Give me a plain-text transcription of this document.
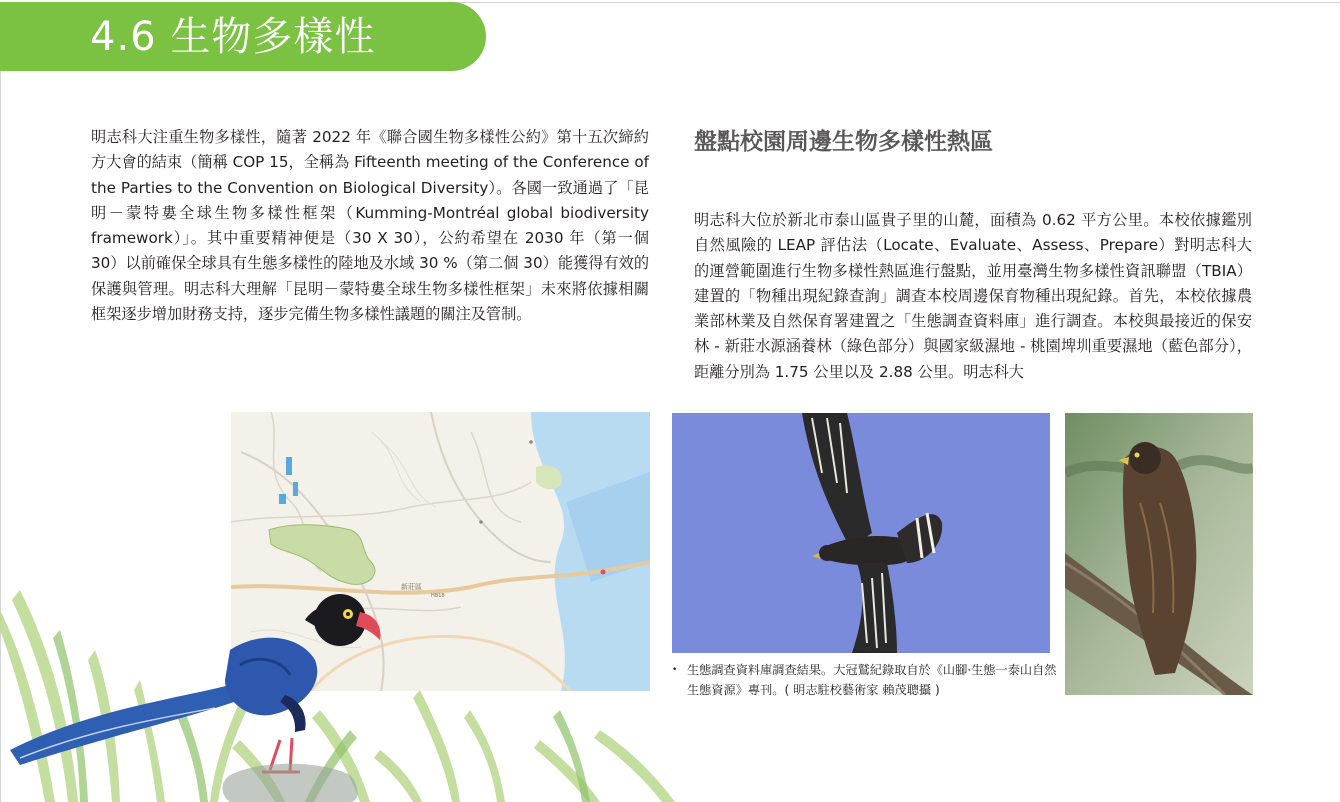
4.6 生物多樣性

明志科大注重生物多樣性，隨著 2022 年《聯合國生物多樣性公約》第十五次締約方大會的結束（簡稱 COP 15，全稱為 Fifteenth meeting of the Conference of the Parties to the Convention on Biological Diversity）。各國一致通過了「昆明－蒙特婁全球生物多樣性框架（Kumming-Montréal global biodiversity framework）」。其中重要精神便是（30 X 30），公約希望在 2030 年（第一個 30）以前確保全球具有生態多樣性的陸地及水域 30 %（第二個 30）能獲得有效的保護與管理。明志科大理解「昆明－蒙特婁全球生物多樣性框架」未來將依據相關框架逐步增加財務支持，逐步完備生物多樣性議題的關注及管制。

盤點校園周邊生物多樣性熱區

明志科大位於新北市泰山區貴子里的山麓，面積為 0.62 平方公里。本校依據鑑別自然風險的 LEAP 評估法（Locate、Evaluate、Assess、Prepare）對明志科大的運營範圍進行生物多樣性熱區進行盤點，並用臺灣生物多樣性資訊聯盟（TBIA）建置的「物種出現紀錄查詢」調查本校周邊保育物種出現紀錄。首先，本校依據農業部林業及自然保育署建置之「生態調查資料庫」進行調查。本校與最接近的保安林 - 新莊水源涵養林（綠色部分）與國家級濕地 - 桃園埤圳重要濕地（藍色部分），距離分別為 1.75 公里以及 2.88 公里。明志科大

新莊區
HB18
• 生態調查資料庫調查結果。大冠鷲紀錄取自於《山腳·生態一泰山自然生態資源》專刊。( 明志駐校藝術家 賴茂聰攝 )
